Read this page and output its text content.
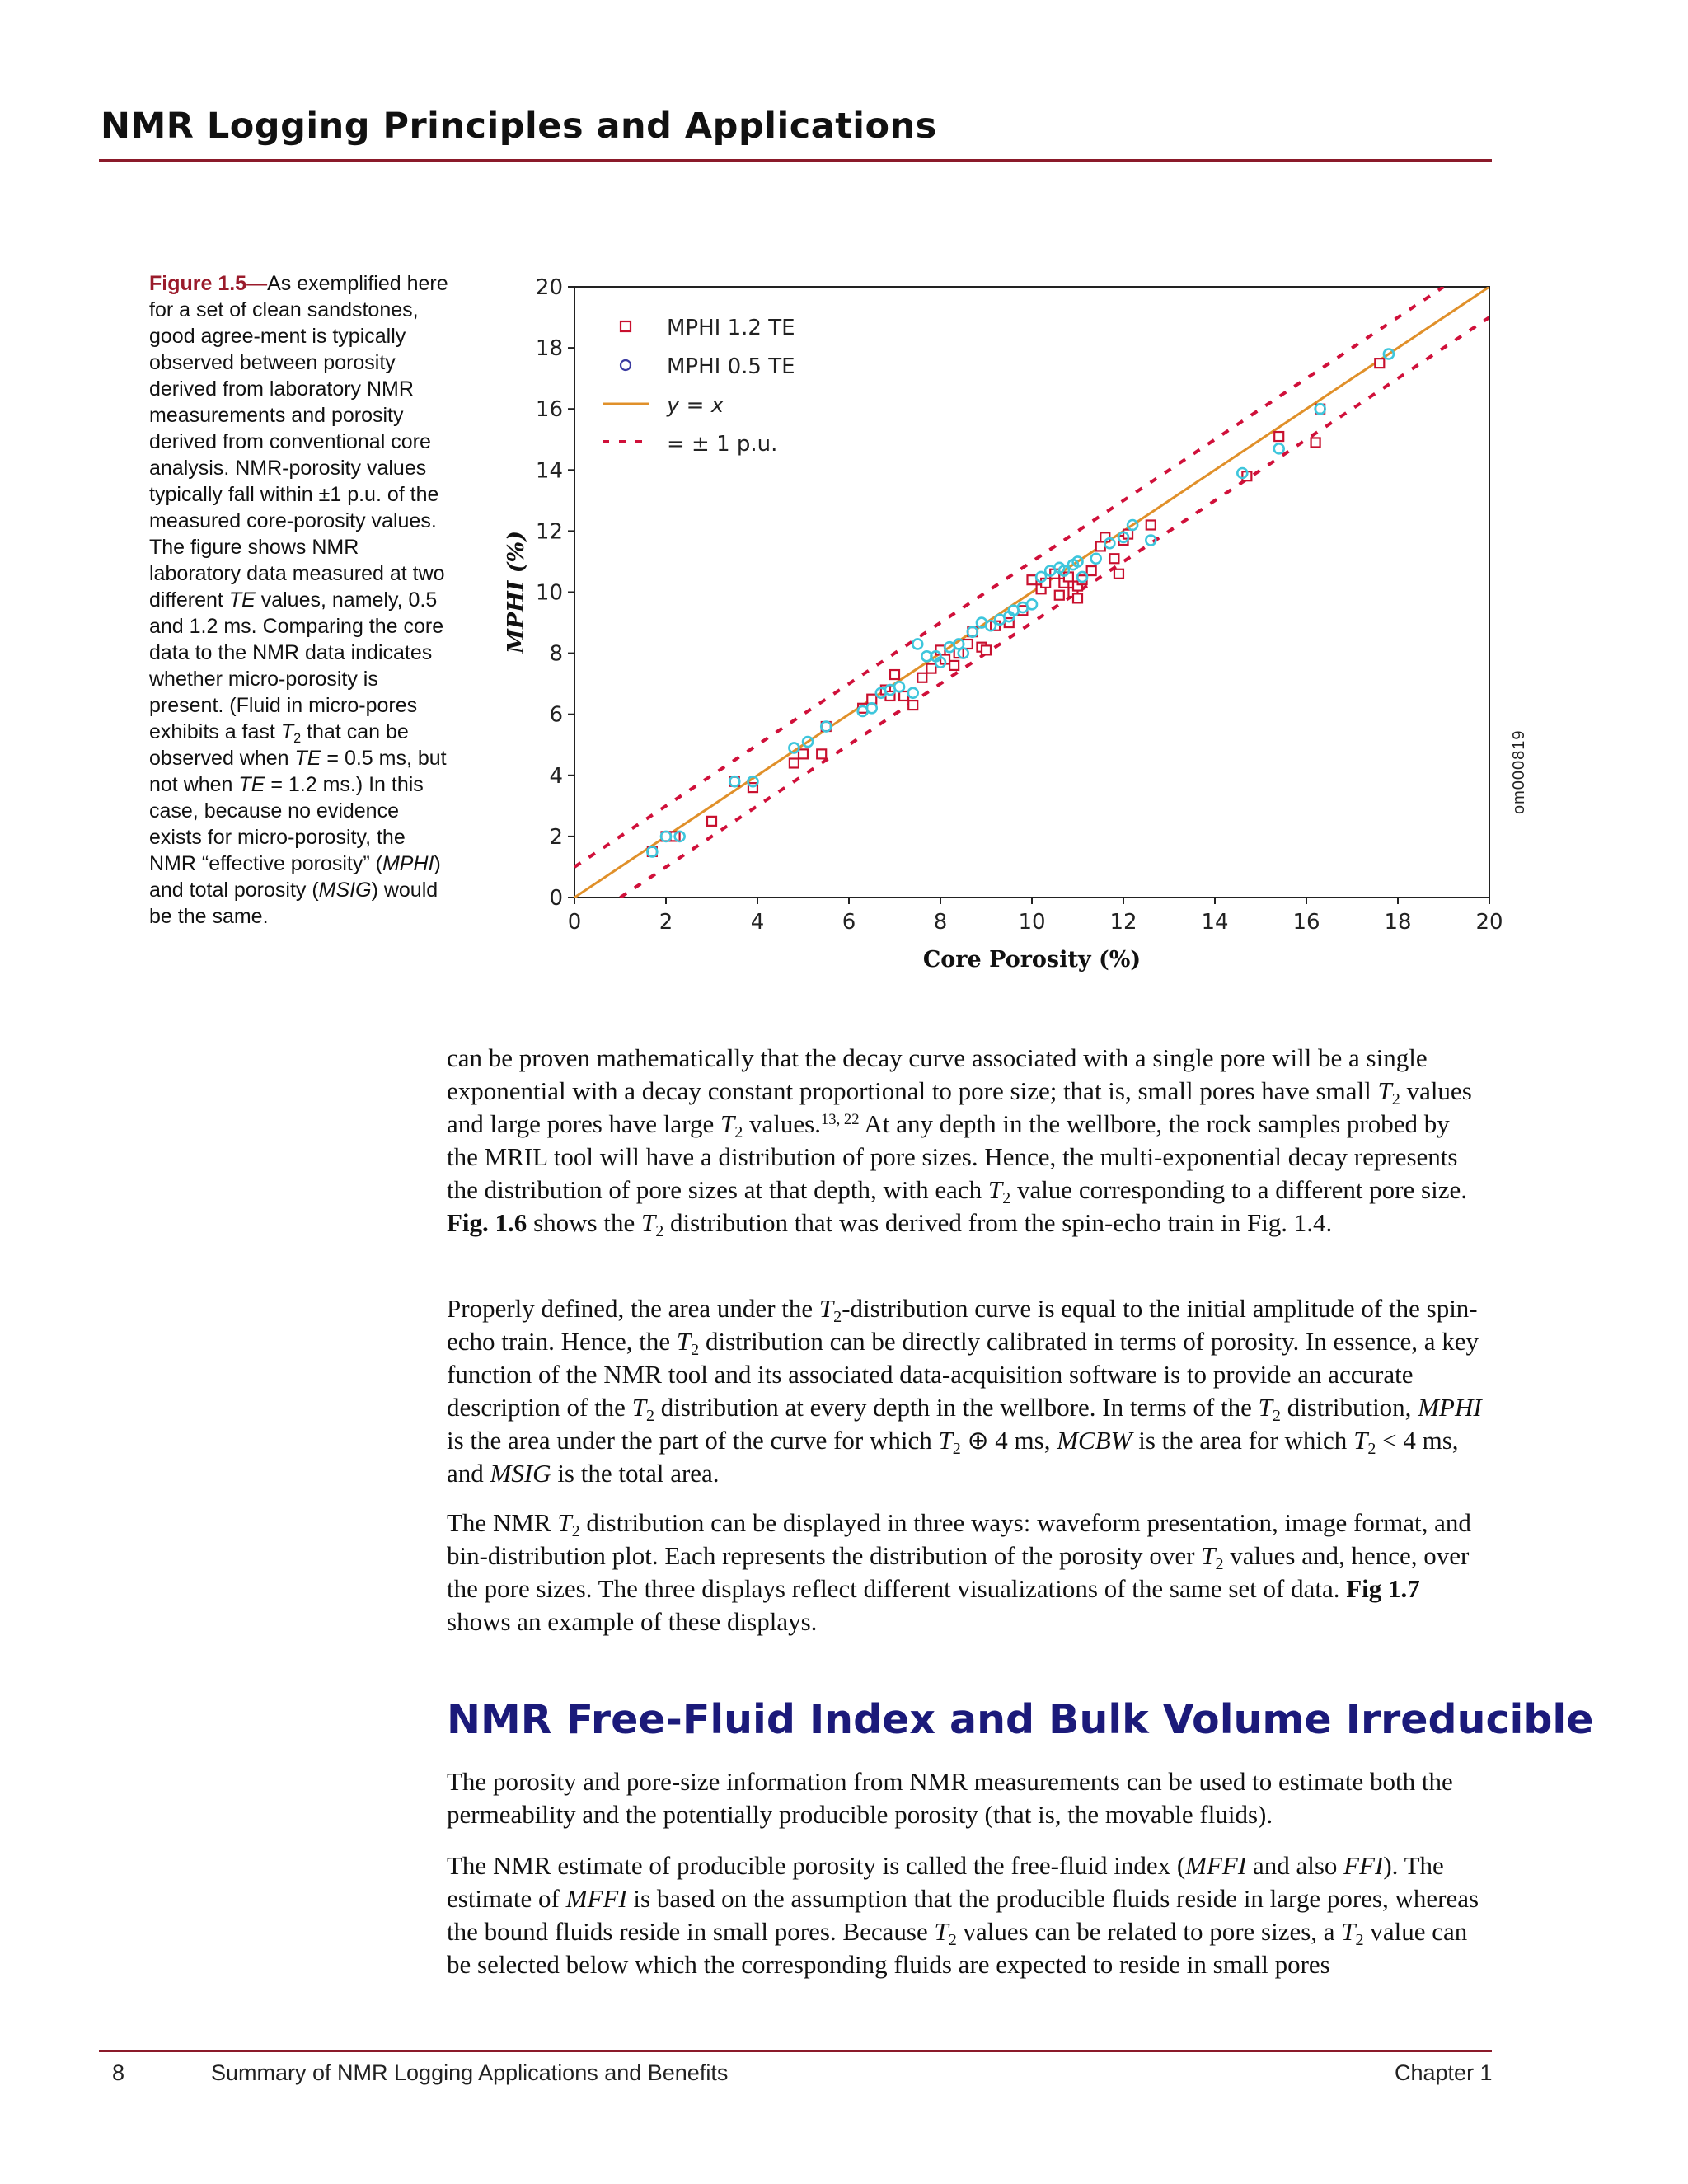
NMR Logging Principles and Applications
Figure 1.5—As exemplified here for a set of clean sandstones, good agree-ment is typically observed between porosity derived from laboratory NMR measurements and porosity derived from conventional core analysis. NMR-porosity values typically fall within ±1 p.u. of the measured core-porosity values. The figure shows NMR laboratory data measured at two different TE values, namely, 0.5 and 1.2 ms. Comparing the core data to the NMR data indicates whether micro-porosity is present. (Fluid in micro-pores exhibits a fast $T_2$ that can be observed when TE = 0.5 ms, but not when TE = 1.2 ms.) In this case, because no evidence exists for micro-porosity, the NMR “effective porosity” (MPHI) and total porosity (MSIG) would be the same.	0	2	4	6	8	10	12	14	16	18	20
0
2
4
6
8
10
12
14
16
18
20
Core Porosity (%)
MPHI (%)
MPHI 1.2 TE
MPHI 0.5 TE
y = x
= ± 1 p.u.
om000819

can be proven mathematically that the decay curve associated with a single pore will be a single exponential with a decay constant proportional to pore size; that is, small pores have small $T_2$ values and large pores have large $T_2$ values.$^{13, 22}$ At any depth in the wellbore, the rock samples probed by the MRIL tool will have a distribution of pore sizes. Hence, the multi-exponential decay represents the distribution of pore sizes at that depth, with each $T_2$ value corresponding to a different pore size. Fig. 1.6 shows the $T_2$ distribution that was derived from the spin-echo train in Fig. 1.4.

Properly defined, the area under the $T_2$-distribution curve is equal to the initial amplitude of the spin-echo train. Hence, the $T_2$ distribution can be directly calibrated in terms of porosity. In essence, a key function of the NMR tool and its associated data-acquisition software is to provide an accurate description of the $T_2$ distribution at every depth in the wellbore. In terms of the $T_2$ distribution, MPHI is the area under the part of the curve for which $T_2$ ⊕ 4 ms, MCBW is the area for which $T_2 < 4$ ms, and MSIG is the total area.

The NMR $T_2$ distribution can be displayed in three ways: waveform presentation, image format, and bin-distribution plot. Each represents the distribution of the porosity over $T_2$ values and, hence, over the pore sizes. The three displays reflect different visualizations of the same set of data. Fig 1.7 shows an example of these displays.

NMR Free-Fluid Index and Bulk Volume Irreducible

The porosity and pore-size information from NMR measurements can be used to estimate both the permeability and the potentially producible porosity (that is, the movable fluids).

The NMR estimate of producible porosity is called the free-fluid index (MFFI and also FFI). The estimate of MFFI is based on the assumption that the producible fluids reside in large pores, whereas the bound fluids reside in small pores. Because $T_2$ values can be related to pore sizes, a $T_2$ value can be selected below which the corresponding fluids are expected to reside in small pores

8	Summary of NMR Logging Applications and Benefits	Chapter 1
